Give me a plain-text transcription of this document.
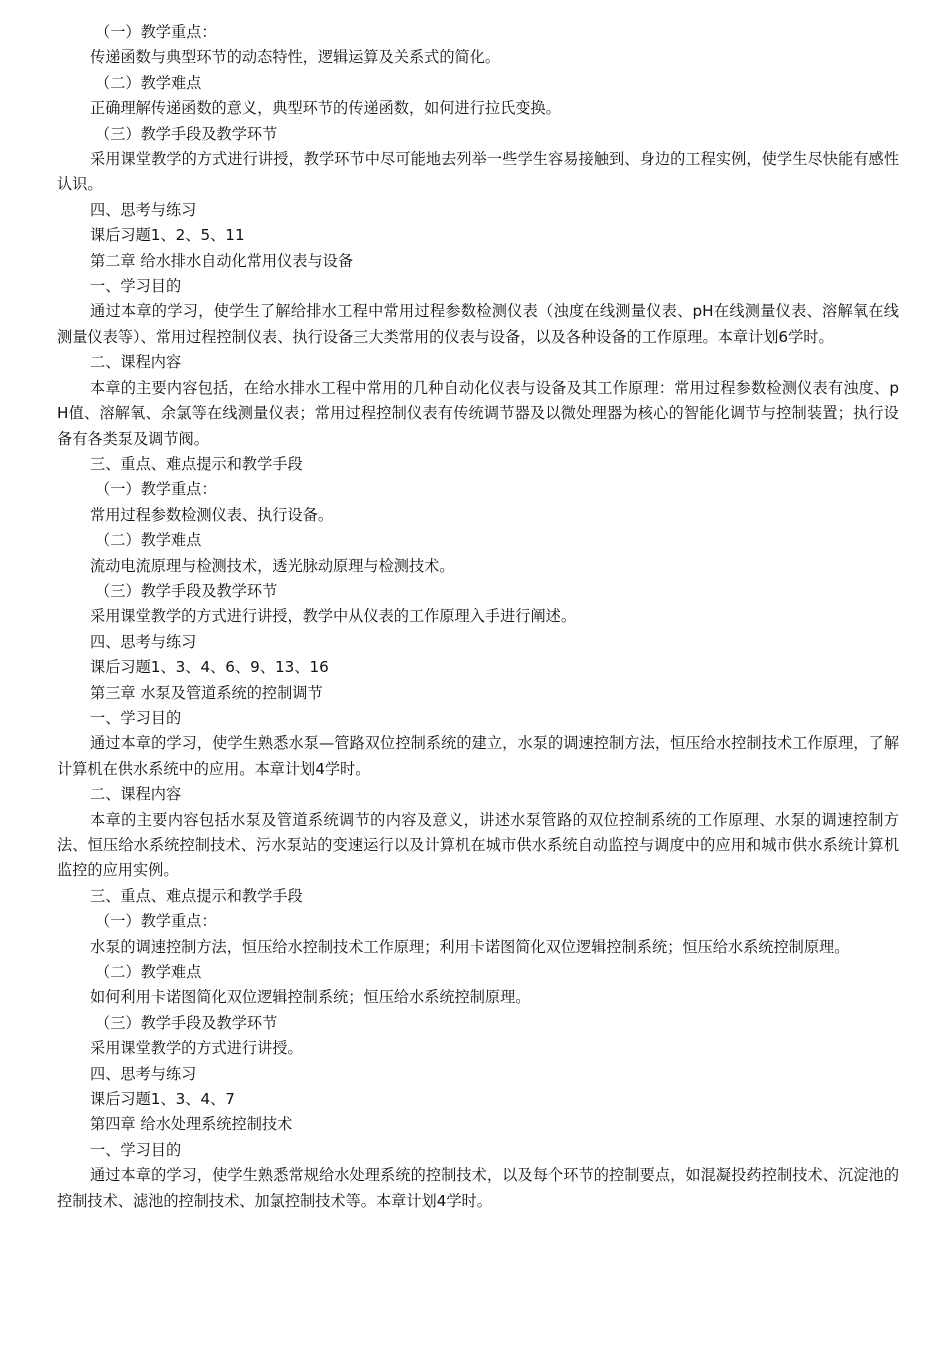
（一）教学重点：

传递函数与典型环节的动态特性，逻辑运算及关系式的简化。

（二）教学难点

正确理解传递函数的意义，典型环节的传递函数，如何进行拉氏变换。

（三）教学手段及教学环节

采用课堂教学的方式进行讲授，教学环节中尽可能地去列举一些学生容易接触到、身边的工程实例，使学生尽快能有感性认识。

四、思考与练习

课后习题1、2、5、11

第二章 给水排水自动化常用仪表与设备

一、学习目的

通过本章的学习，使学生了解给排水工程中常用过程参数检测仪表（浊度在线测量仪表、pH在线测量仪表、溶解氧在线测量仪表等）、常用过程控制仪表、执行设备三大类常用的仪表与设备，以及各种设备的工作原理。本章计划6学时。

二、课程内容

本章的主要内容包括，在给水排水工程中常用的几种自动化仪表与设备及其工作原理：常用过程参数检测仪表有浊度、pH值、溶解氧、余氯等在线测量仪表；常用过程控制仪表有传统调节器及以微处理器为核心的智能化调节与控制装置；执行设备有各类泵及调节阀。

三、重点、难点提示和教学手段

（一）教学重点：

常用过程参数检测仪表、执行设备。

（二）教学难点

流动电流原理与检测技术，透光脉动原理与检测技术。

（三）教学手段及教学环节

采用课堂教学的方式进行讲授，教学中从仪表的工作原理入手进行阐述。

四、思考与练习

课后习题1、3、4、6、9、13、16

第三章 水泵及管道系统的控制调节

一、学习目的

通过本章的学习，使学生熟悉水泵—管路双位控制系统的建立，水泵的调速控制方法，恒压给水控制技术工作原理，了解计算机在供水系统中的应用。本章计划4学时。

二、课程内容

本章的主要内容包括水泵及管道系统调节的内容及意义，讲述水泵管路的双位控制系统的工作原理、水泵的调速控制方法、恒压给水系统控制技术、污水泵站的变速运行以及计算机在城市供水系统自动监控与调度中的应用和城市供水系统计算机监控的应用实例。

三、重点、难点提示和教学手段

（一）教学重点：

水泵的调速控制方法，恒压给水控制技术工作原理；利用卡诺图简化双位逻辑控制系统；恒压给水系统控制原理。

（二）教学难点

如何利用卡诺图简化双位逻辑控制系统；恒压给水系统控制原理。

（三）教学手段及教学环节

采用课堂教学的方式进行讲授。

四、思考与练习

课后习题1、3、4、7

第四章 给水处理系统控制技术

一、学习目的

通过本章的学习，使学生熟悉常规给水处理系统的控制技术，以及每个环节的控制要点，如混凝投药控制技术、沉淀池的控制技术、滤池的控制技术、加氯控制技术等。本章计划4学时。
